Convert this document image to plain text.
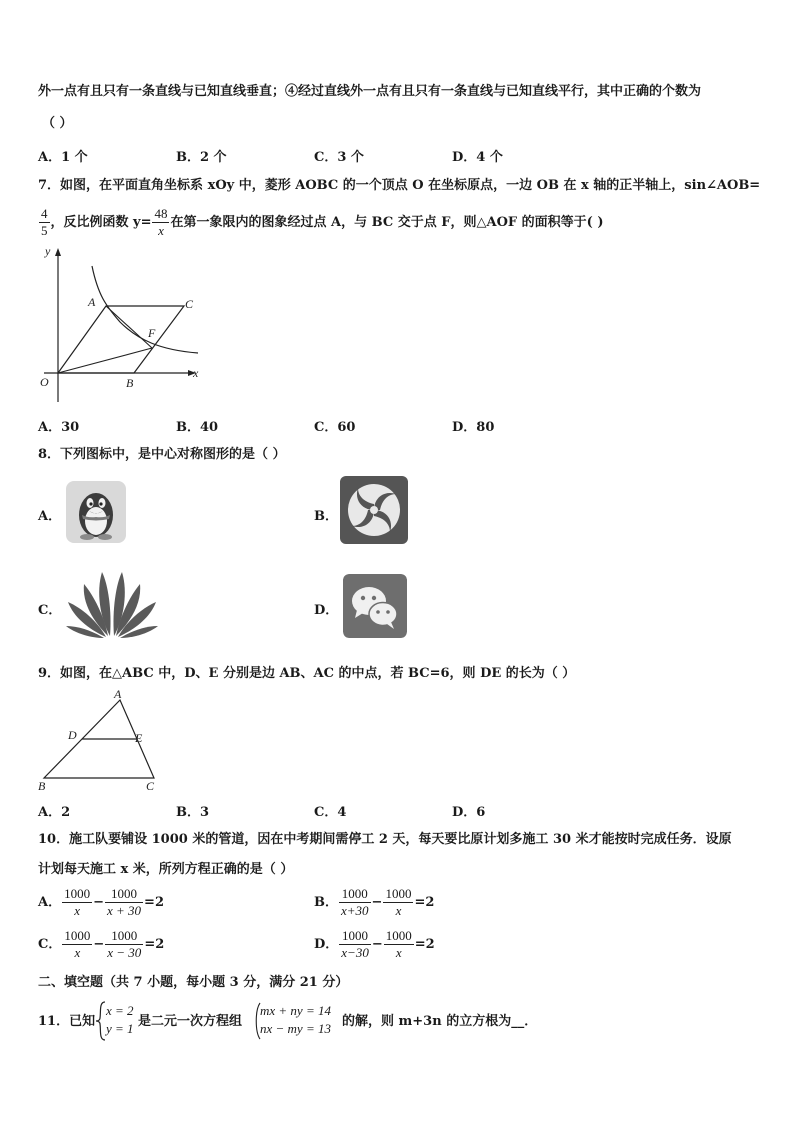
外一点有且只有一条直线与已知直线垂直；④经过直线外一点有且只有一条直线与已知直线平行，其中正确的个数为
（ ）
A．1 个	B．2 个	C．3 个	D．4 个
7．如图，在平面直角坐标系 xOy 中，菱形 AOBC 的一个顶点 O 在坐标原点，一边 OB 在 x 轴的正半轴上，sin∠AOB=
$\frac{4}{5}$ ，反比例函数 $y= \frac{48}{x}$ 在第一象限内的图象经过点 A，与 BC 交于点 F，则△AOF 的面积等于( )
y
x
O
A	C
B
F
A．30	B．40	C．60	D．80
8．下列图标中，是中心对称图形的是（ ）
A．	B．
C．	D．
9．如图，在△ABC 中，D、E 分别是边 AB、AC 的中点，若 BC=6，则 DE 的长为（ ）
A
B	C
D	E
A．2	B．3	C．4	D．6
10．施工队要铺设 1000 米的管道，因在中考期间需停工 2 天，每天要比原计划多施工 30 米才能按时完成任务．设原
计划每天施工 x 米，所列方程正确的是（ ）
A． $\frac{1000}{x} - \frac{1000}{x + 30} =2$	B． $\frac{1000}{x+30} - \frac{1000}{x} =2$
C． $\frac{1000}{x} - \frac{1000}{x - 30} =2$	D． $\frac{1000}{x-30} - \frac{1000}{x} =2$
二、填空题（共 7 小题，每小题 3 分，满分 21 分）
11．已知
x = 2
y = 1 是二元一次方程组
mx + ny = 14
nx − my = 13 的解，则 m+3n 的立方根为__．
